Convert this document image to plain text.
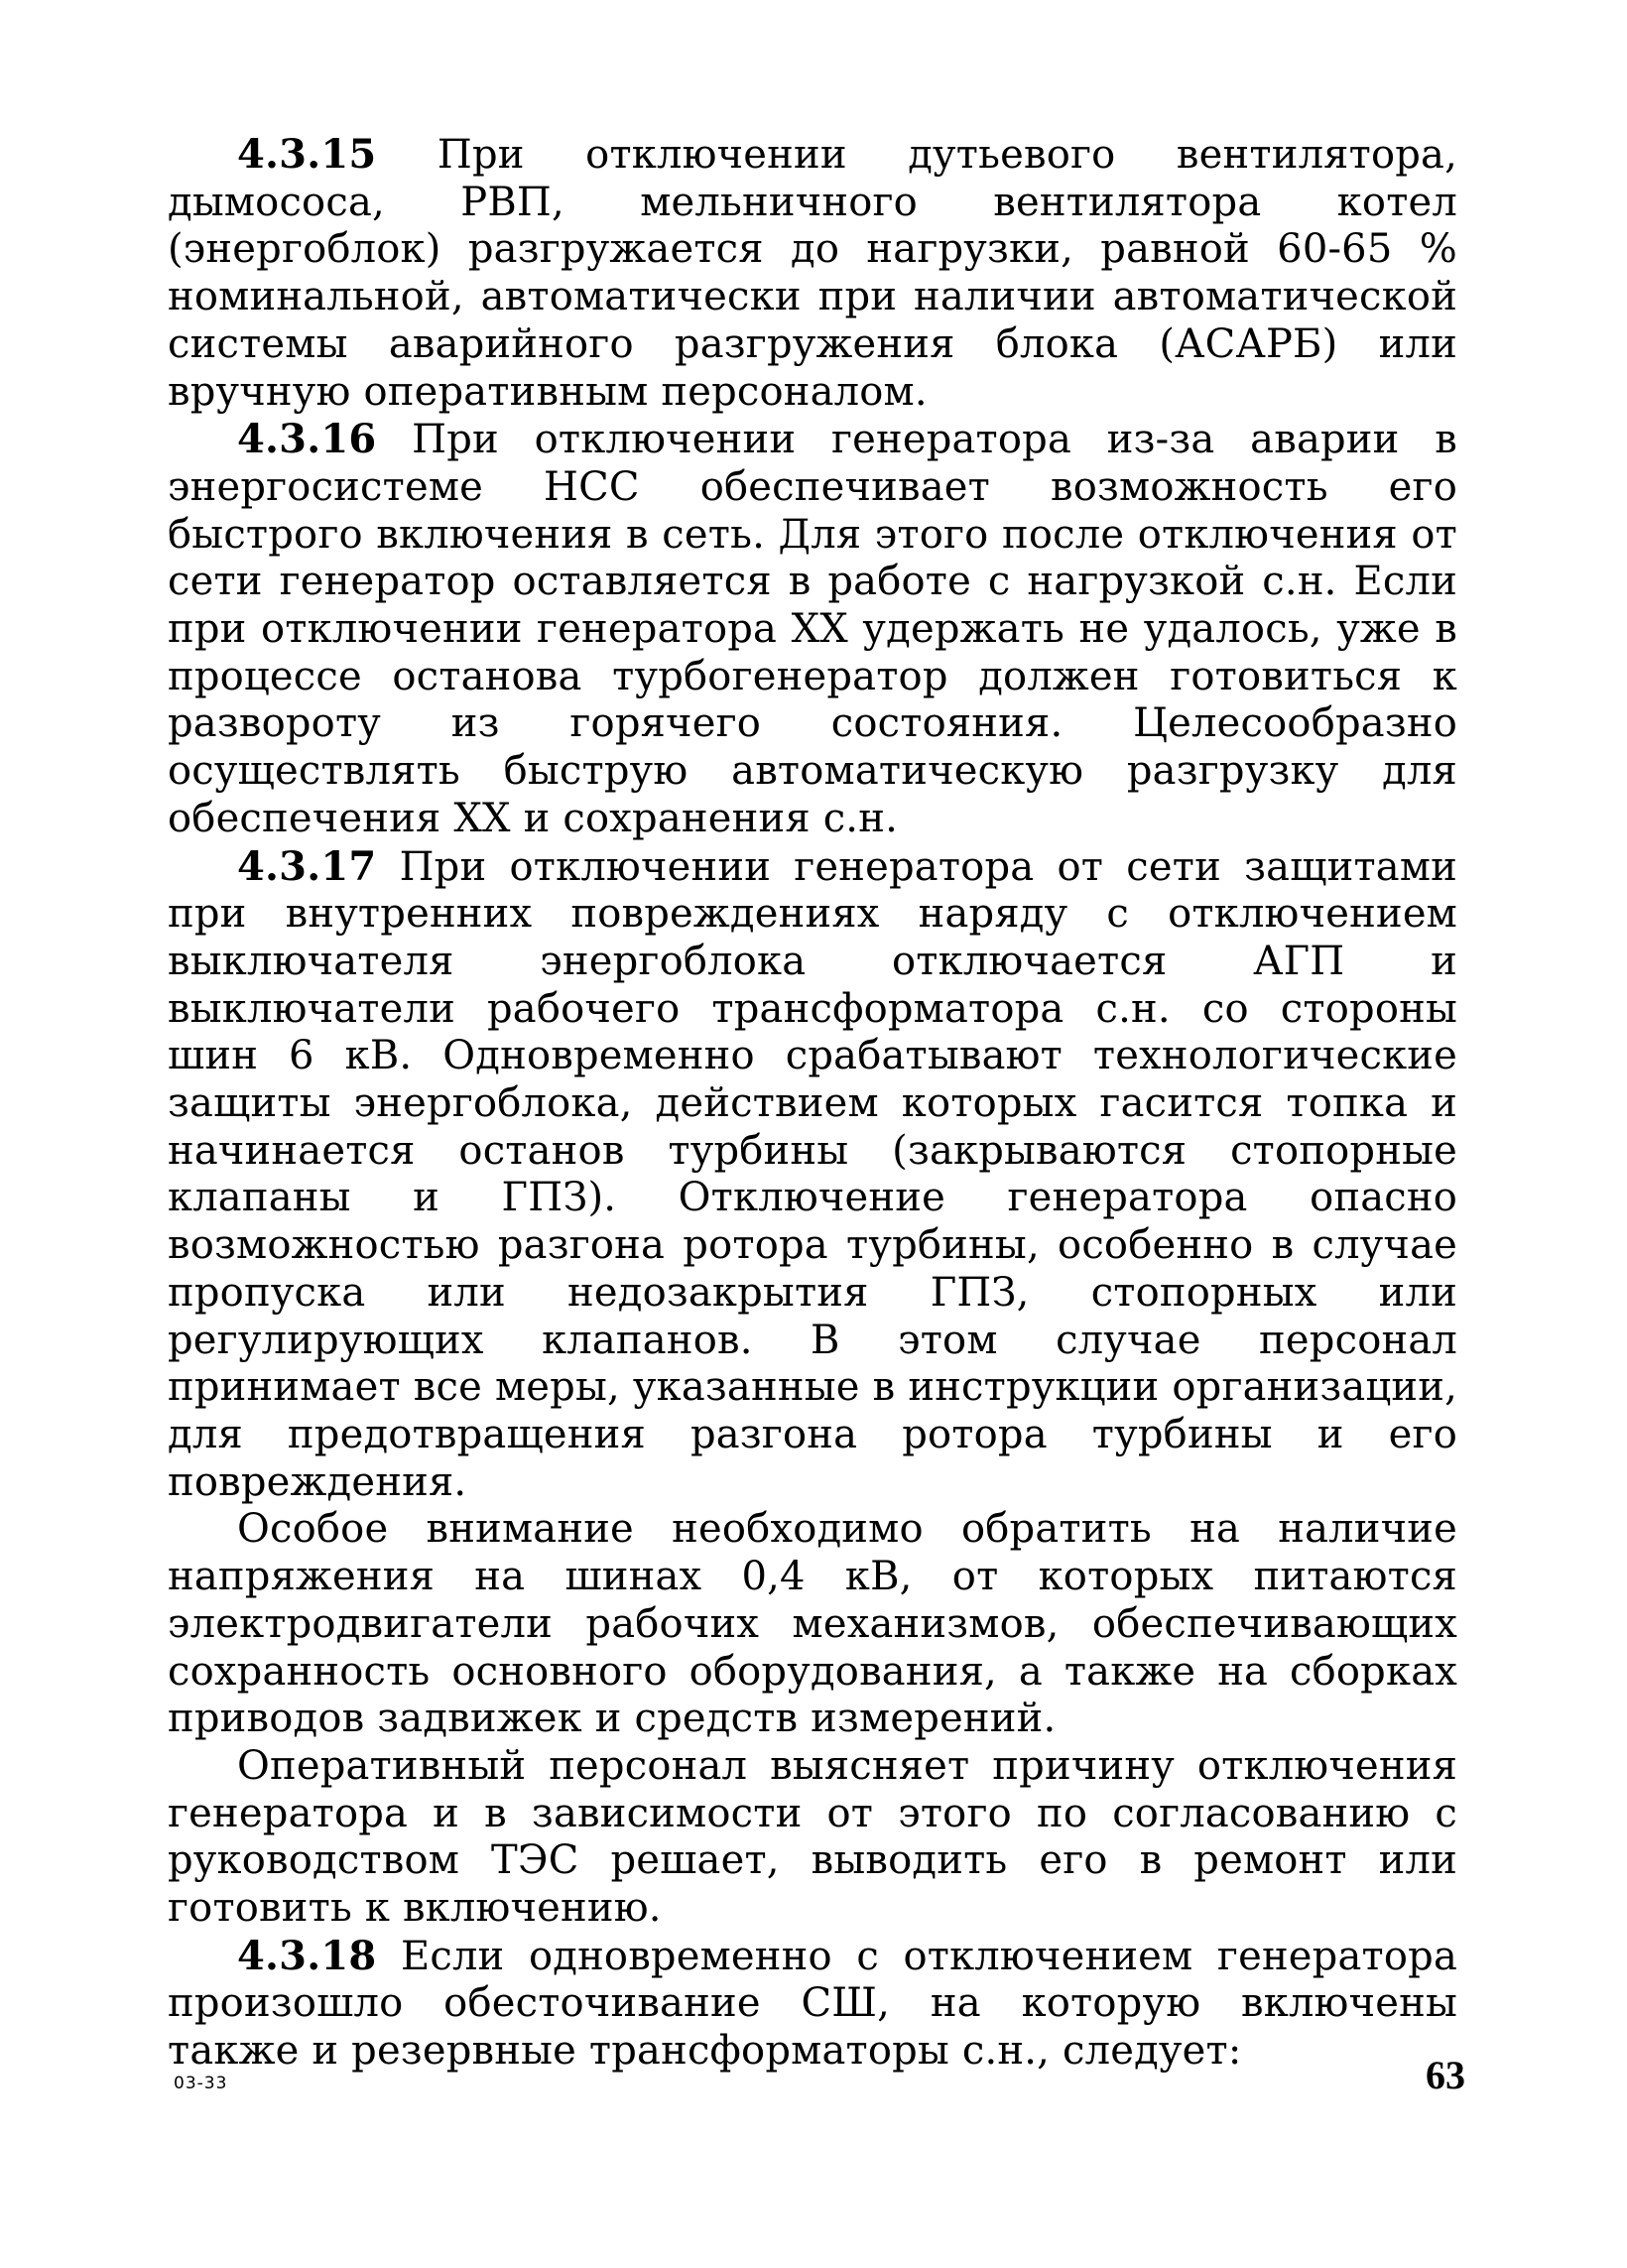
4.3.15 При отключении дутьевого вентилятора, дымососа, РВП, мельничного вентилятора котел (энергоблок) разгружается до нагрузки, равной 60-65 % номинальной, автоматически при наличии автоматической системы аварийного разгружения блока (АСАРБ) или вручную оперативным персоналом.

4.3.16 При отключении генератора из-за аварии в энергосистеме НСС обеспечивает возможность его быстрого включения в сеть. Для этого после отключения от сети генератор оставляется в работе с нагрузкой с.н. Если при отключении генератора XX удержать не удалось, уже в процессе останова турбогенератор должен готовиться к развороту из горячего состояния. Целесообразно осуществлять быструю автоматическую разгрузку для обеспечения XX и сохранения с.н.

4.3.17 При отключении генератора от сети защитами при внутренних повреждениях наряду с отключением выключателя энергоблока отключается АГП и выключатели рабочего трансформатора с.н. со стороны шин 6 кВ. Одновременно срабатывают технологические защиты энергоблока, действием которых гасится топка и начинается останов турбины (закрываются стопорные клапаны и ГПЗ). Отключение генератора опасно возможностью разгона ротора турбины, особенно в случае пропуска или недозакрытия ГПЗ, стопорных или регулирующих клапанов. В этом случае персонал принимает все меры, указанные в инструкции организации, для предотвращения разгона ротора турбины и его повреждения.

Особое внимание необходимо обратить на наличие напряжения на шинах 0,4 кВ, от которых питаются электродвигатели рабочих механизмов, обеспечивающих сохранность основного оборудования, а также на сборках приводов задвижек и средств измерений.

Оперативный персонал выясняет причину отключения генератора и в зависимости от этого по согласованию с руководством ТЭС решает, выводить его в ремонт или готовить к включению.

4.3.18 Если одновременно с отключением генератора произошло обесточивание СШ, на которую включены также и резервные трансформаторы с.н., следует:

03-33	63
